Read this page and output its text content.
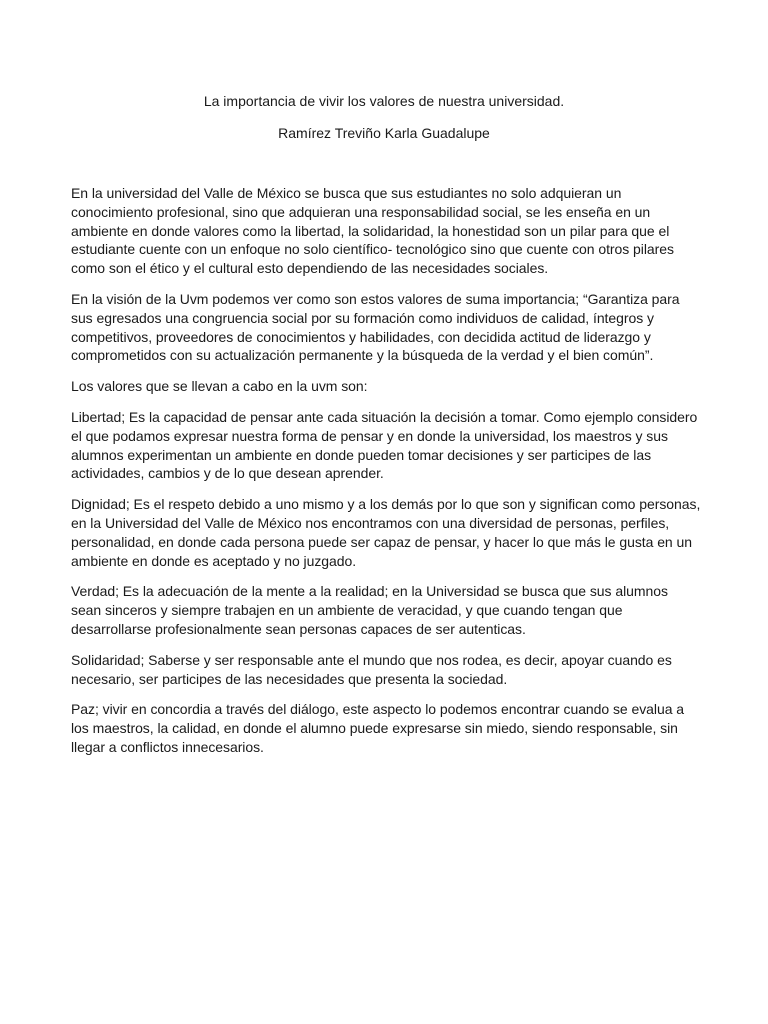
La importancia de vivir los valores de nuestra universidad.
Ramírez Treviño Karla Guadalupe

En la universidad del Valle de México se busca que sus estudiantes no solo adquieran un conocimiento profesional, sino que adquieran una responsabilidad social, se les enseña en un ambiente en donde valores como la libertad, la solidaridad, la honestidad son un pilar para que el estudiante cuente con un enfoque no solo científico- tecnológico sino que cuente con otros pilares como son el ético y el cultural esto dependiendo de las necesidades sociales.

En la visión de la Uvm podemos ver como son estos valores de suma importancia; “Garantiza para sus egresados una congruencia social por su formación como individuos de calidad, íntegros y competitivos, proveedores de conocimientos y habilidades, con decidida actitud de liderazgo y comprometidos con su actualización permanente y la búsqueda de la verdad y el bien común”.

Los valores que se llevan a cabo en la uvm son:

Libertad; Es la capacidad de pensar ante cada situación la decisión a tomar. Como ejemplo considero el que podamos expresar nuestra forma de pensar y en donde la universidad, los maestros y sus alumnos experimentan un ambiente en donde pueden tomar decisiones y ser participes de las actividades, cambios y de lo que desean aprender.

Dignidad; Es el respeto debido a uno mismo y a los demás por lo que son y significan como personas, en la Universidad del Valle de México nos encontramos con una diversidad de personas, perfiles, personalidad, en donde cada persona puede ser capaz de pensar, y hacer lo que más le gusta en un ambiente en donde es aceptado y no juzgado.

Verdad; Es la adecuación de la mente a la realidad; en la Universidad se busca que sus alumnos sean sinceros y siempre trabajen en un ambiente de veracidad, y que cuando tengan que desarrollarse profesionalmente sean personas capaces de ser autenticas.

Solidaridad; Saberse y ser responsable ante el mundo que nos rodea, es decir, apoyar cuando es necesario, ser participes de las necesidades que presenta la sociedad.

Paz; vivir en concordia a través del diálogo, este aspecto lo podemos encontrar cuando se evalua a los maestros, la calidad, en donde el alumno puede expresarse sin miedo, siendo responsable, sin llegar a conflictos innecesarios.
